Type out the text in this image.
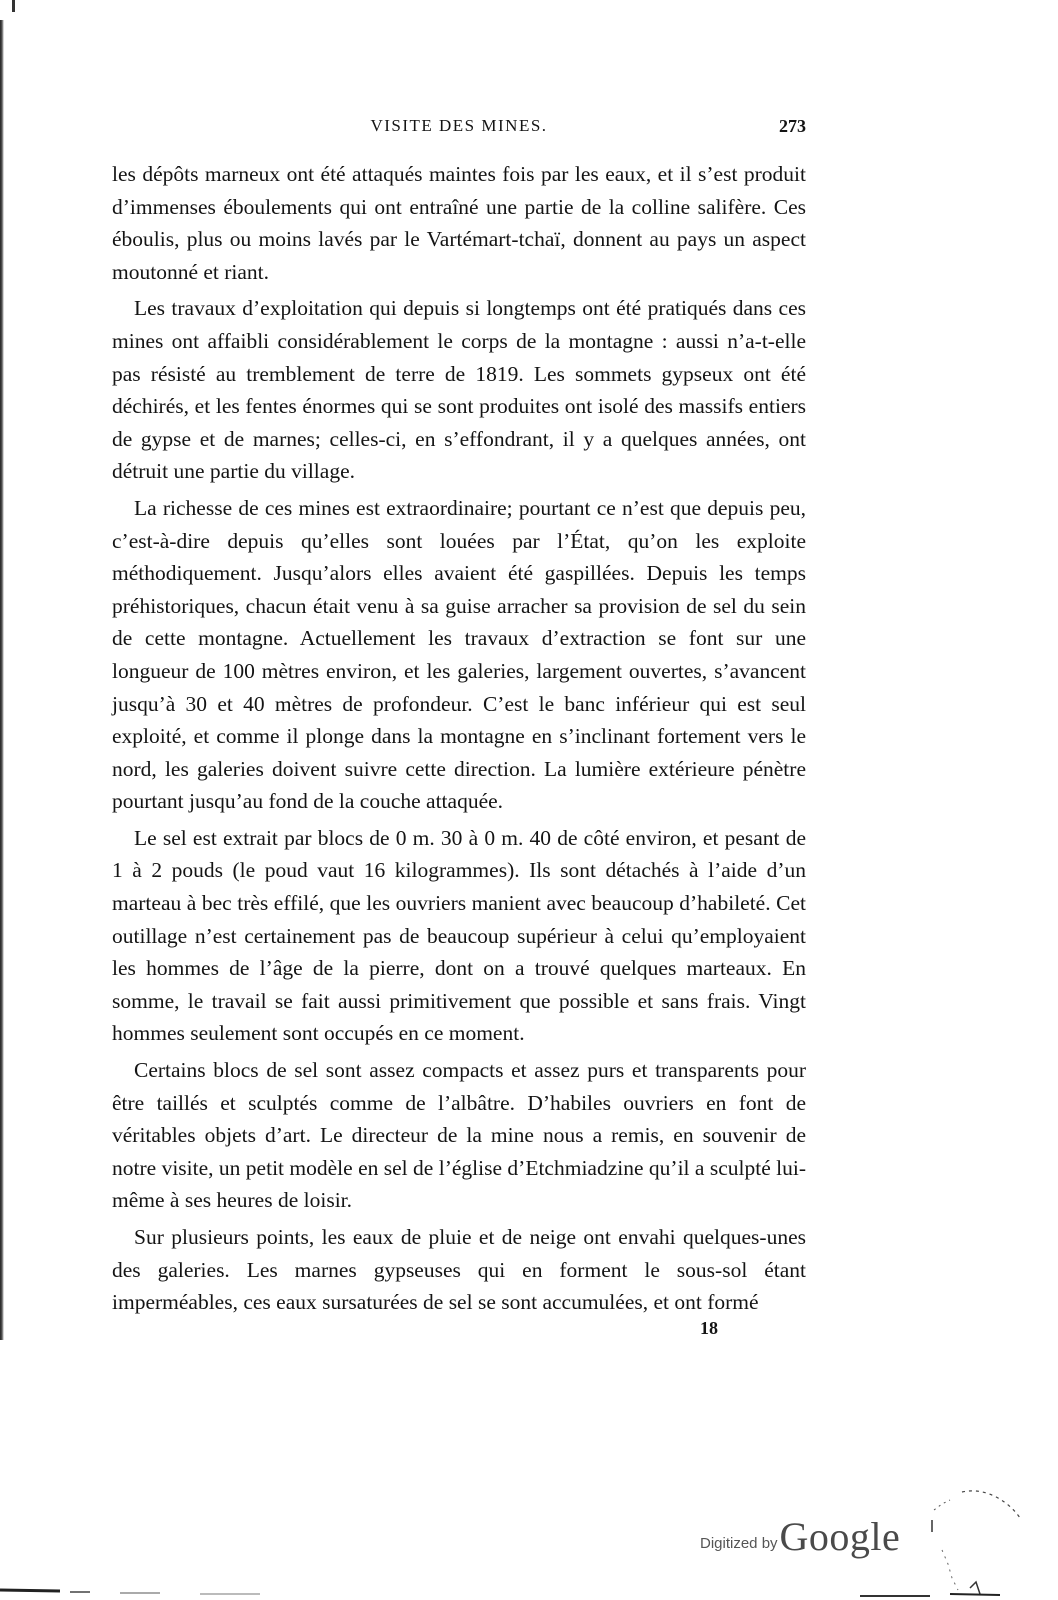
VISITE DES MINES.	273

les dépôts marneux ont été attaqués maintes fois par les eaux, et il s’est produit d’immenses éboulements qui ont entraîné une partie de la colline salifère. Ces éboulis, plus ou moins lavés par le Vartémart-tchaï, donnent au pays un aspect moutonné et riant.

Les travaux d’exploitation qui depuis si longtemps ont été pratiqués dans ces mines ont affaibli considérablement le corps de la montagne : aussi n’a-t-elle pas résisté au tremblement de terre de 1819. Les sommets gypseux ont été déchirés, et les fentes énormes qui se sont produites ont isolé des massifs entiers de gypse et de marnes; celles-ci, en s’effondrant, il y a quelques années, ont détruit une partie du village.

La richesse de ces mines est extraordinaire; pourtant ce n’est que depuis peu, c’est-à-dire depuis qu’elles sont louées par l’État, qu’on les exploite méthodiquement. Jusqu’alors elles avaient été gaspillées. Depuis les temps préhistoriques, chacun était venu à sa guise arracher sa provision de sel du sein de cette montagne. Actuellement les travaux d’extraction se font sur une longueur de 100 mètres environ, et les galeries, largement ouvertes, s’avancent jusqu’à 30 et 40 mètres de profondeur. C’est le banc inférieur qui est seul exploité, et comme il plonge dans la montagne en s’inclinant fortement vers le nord, les galeries doivent suivre cette direction. La lumière extérieure pénètre pourtant jusqu’au fond de la couche attaquée.

Le sel est extrait par blocs de 0 m. 30 à 0 m. 40 de côté environ, et pesant de 1 à 2 pouds (le poud vaut 16 kilogrammes). Ils sont détachés à l’aide d’un marteau à bec très effilé, que les ouvriers manient avec beaucoup d’habileté. Cet outillage n’est certainement pas de beaucoup supérieur à celui qu’employaient les hommes de l’âge de la pierre, dont on a trouvé quelques marteaux. En somme, le travail se fait aussi primitivement que possible et sans frais. Vingt hommes seulement sont occupés en ce moment.

Certains blocs de sel sont assez compacts et assez purs et transparents pour être taillés et sculptés comme de l’albâtre. D’habiles ouvriers en font de véritables objets d’art. Le directeur de la mine nous a remis, en souvenir de notre visite, un petit modèle en sel de l’église d’Etchmiadzine qu’il a sculpté lui-même à ses heures de loisir.

Sur plusieurs points, les eaux de pluie et de neige ont envahi quelques-unes des galeries. Les marnes gypseuses qui en forment le sous-sol étant imperméables, ces eaux sursaturées de sel se sont accumulées, et ont formé

18
Digitized by Google
